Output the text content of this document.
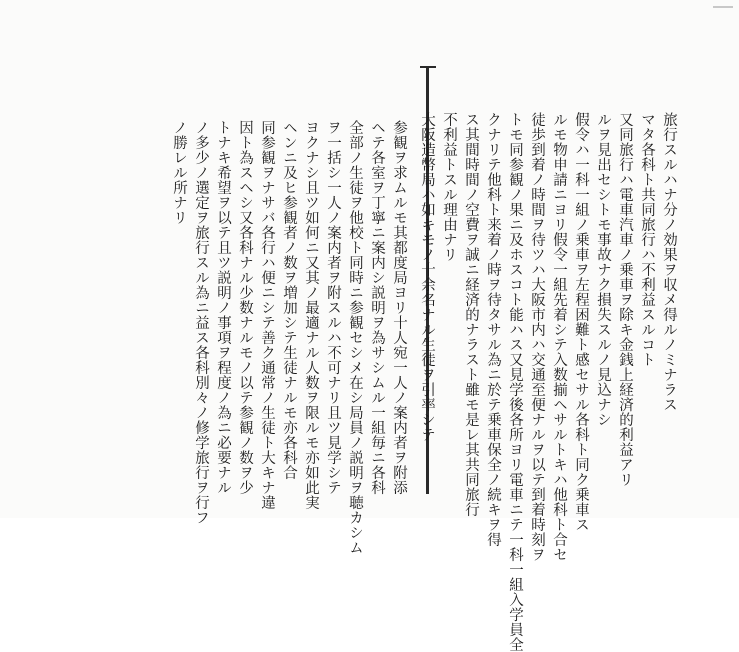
旅行スルハナ分ノ効果ヲ収メ得ルノミナラス
マタ各科ト共同旅行ハ不利益スルコト
又同旅行ハ電車汽車ノ乗車ヲ除キ金銭上経済的利益アリ
ルヲ見出セシトモ事故ナク損失スルノ見込ナシ
假令ハ一科一組ノ乗車ヲ左程困難ト感セサル各科ト同ク乗車ス
ルモ物申請ニヨリ假令一組先着シテ入数揃ヘサルトキハ他科ト合セ
徒歩到着ノ時間ヲ待ツハ大阪市内ハ交通至便ナルヲ以テ到着時刻ヲ
トモ同参観ノ果ニ及ホスコト能ハス又見学後各所ヨリ電車ニテ一科一組入学員全
クナリテ他科ト来着ノ時ヲ待タサル為ニ於テ乗車保全ノ続キヲ得
ス其間時間ノ空費ヲ誠ニ経済的ナラスト雖モ是レ其共同旅行
不利益トスル理由ナリ
大阪造幣局ハ如キモノ十余名ナル生徒ヲ引率シテ
参観ヲ求ムルモ其都度局ヨリ十人宛一人ノ案内者ヲ附添
ヘテ各室ヲ丁寧ニ案内シ説明ヲ為サシムル一組毎ニ各科
全部ノ生徒ヲ他校ト同時ニ参観セシメ在シ局員ノ説明ヲ聴カシム
ヲ一括シ一人ノ案内者ヲ附スルハ不可ナリ且ツ見学シテ
ヨクナシ且ツ如何ニ又其ノ最適ナル人数ヲ限ルモ亦如此実
ヘンニ及ヒ参観者ノ数ヲ増加シテ生徒ナルモ亦各科合
同参観ヲナサバ各行ハ便ニシテ善ク通常ノ生徒ト大キナ違
因ト為スヘシ又各科ナル少数ナルモノ以テ参観ノ数ヲ少
トナキ希望ヲ以テ且ツ説明ノ事項ヲ程度ノ為ニ必要ナル
ノ多少ノ選定ヲ旅行スル為ニ益ス各科別々ノ修学旅行ヲ行フ
ノ勝レル所ナリ
